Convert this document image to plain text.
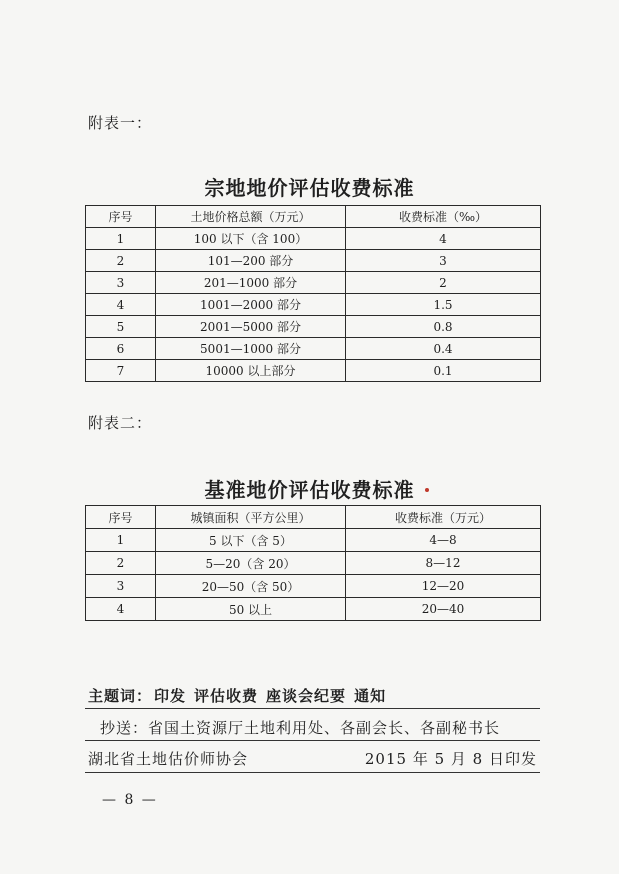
附表一：
宗地地价评估收费标准
序号	土地价格总额（万元）	收费标准（‰）
1	100 以下（含 100）	4
2	101—200 部分	3
3	201—1000 部分	2
4	1001—2000 部分	1.5
5	2001—5000 部分	0.8
6	5001—1000 部分	0.4
7	10000 以上部分	0.1
附表二：
基准地价评估收费标准
序号	城镇面积（平方公里）	收费标准（万元）
1	5 以下（含 5）	4—8
2	5—20（含 20）	8—12
3	20—50（含 50）	12—20
4	50 以上	20—40
主题词： 印发 评估收费 座谈会纪要 通知
抄送：省国土资源厅土地利用处、各副会长、各副秘书长
湖北省土地估价师协会	2015 年 5 月 8 日印发
— 8 —
